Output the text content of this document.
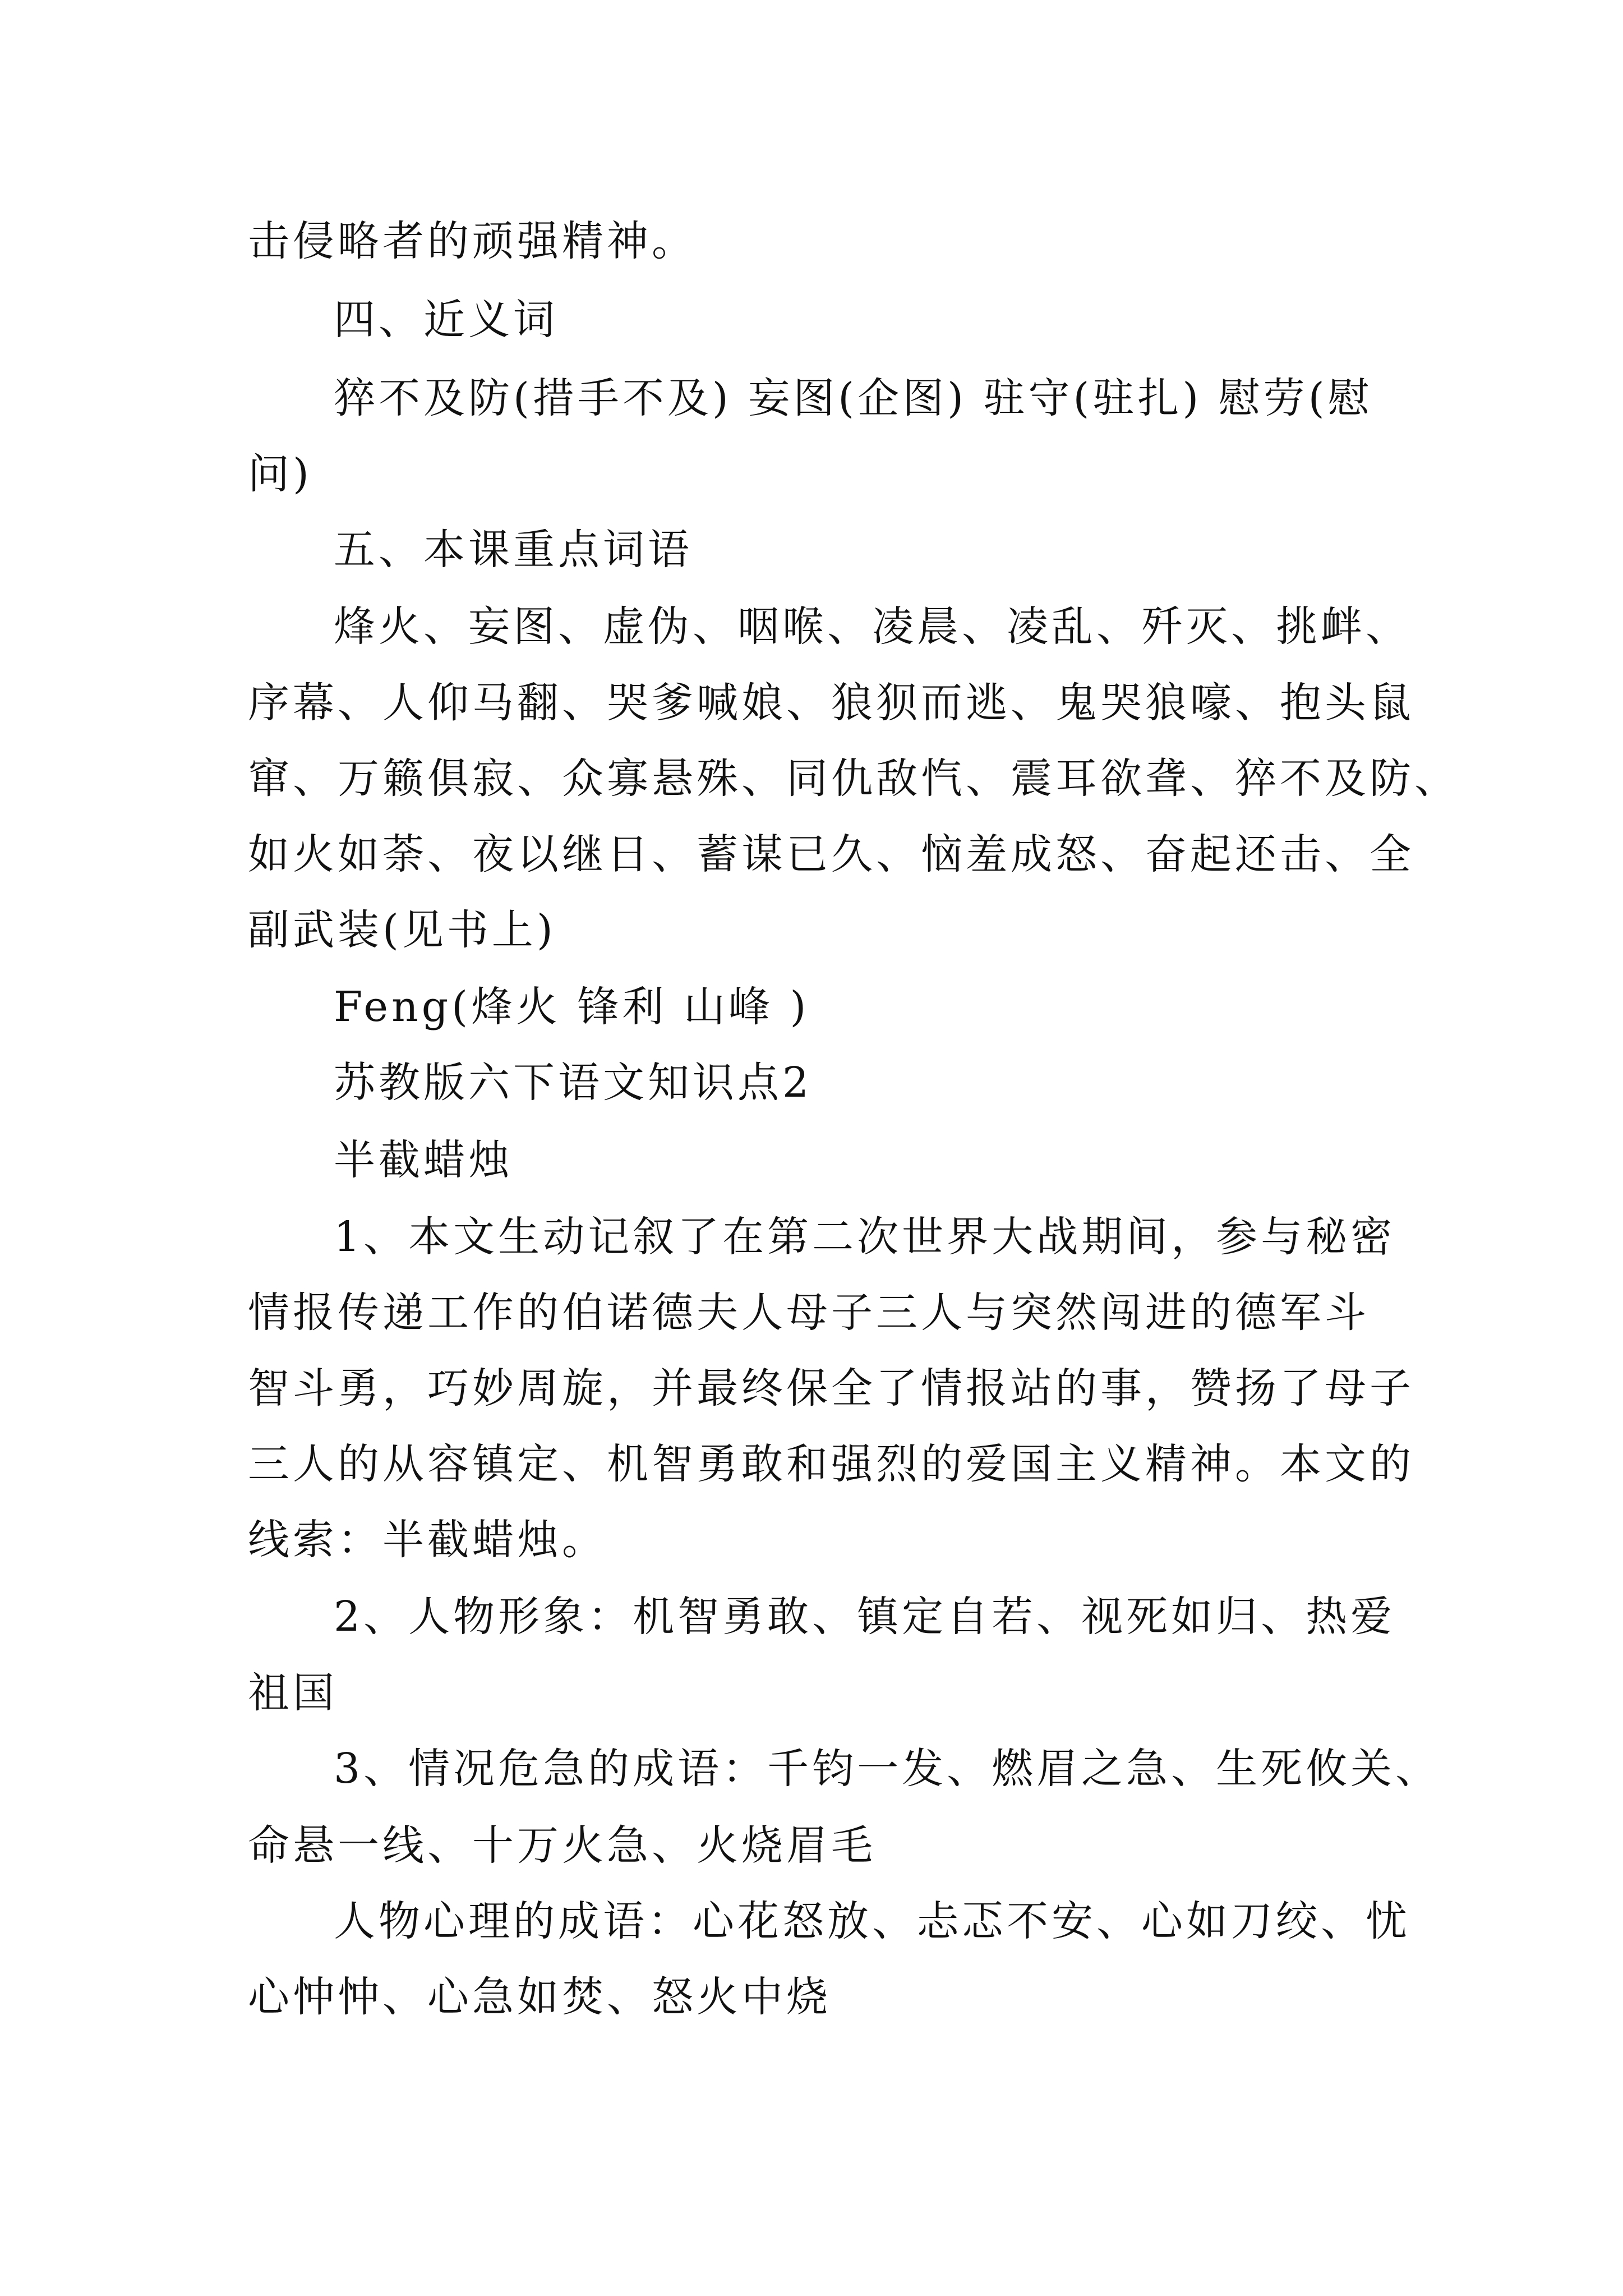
击侵略者的顽强精神。
四、近义词
猝不及防(措手不及) 妄图(企图) 驻守(驻扎) 慰劳(慰
问)
五、本课重点词语
烽火、妄图、虚伪、咽喉、凌晨、凌乱、歼灭、挑衅、
序幕、人仰马翻、哭爹喊娘、狼狈而逃、鬼哭狼嚎、抱头鼠
窜、万籁俱寂、众寡悬殊、同仇敌忾、震耳欲聋、猝不及防、
如火如荼、夜以继日、蓄谋已久、恼羞成怒、奋起还击、全
副武装(见书上)
Feng(烽火 锋利 山峰 )
苏教版六下语文知识点2
半截蜡烛
1、本文生动记叙了在第二次世界大战期间，参与秘密
情报传递工作的伯诺德夫人母子三人与突然闯进的德军斗
智斗勇，巧妙周旋，并最终保全了情报站的事，赞扬了母子
三人的从容镇定、机智勇敢和强烈的爱国主义精神。本文的
线索：半截蜡烛。
2、人物形象：机智勇敢、镇定自若、视死如归、热爱
祖国
3、情况危急的成语：千钧一发、燃眉之急、生死攸关、
命悬一线、十万火急、火烧眉毛
人物心理的成语：心花怒放、忐忑不安、心如刀绞、忧
心忡忡、心急如焚、怒火中烧
